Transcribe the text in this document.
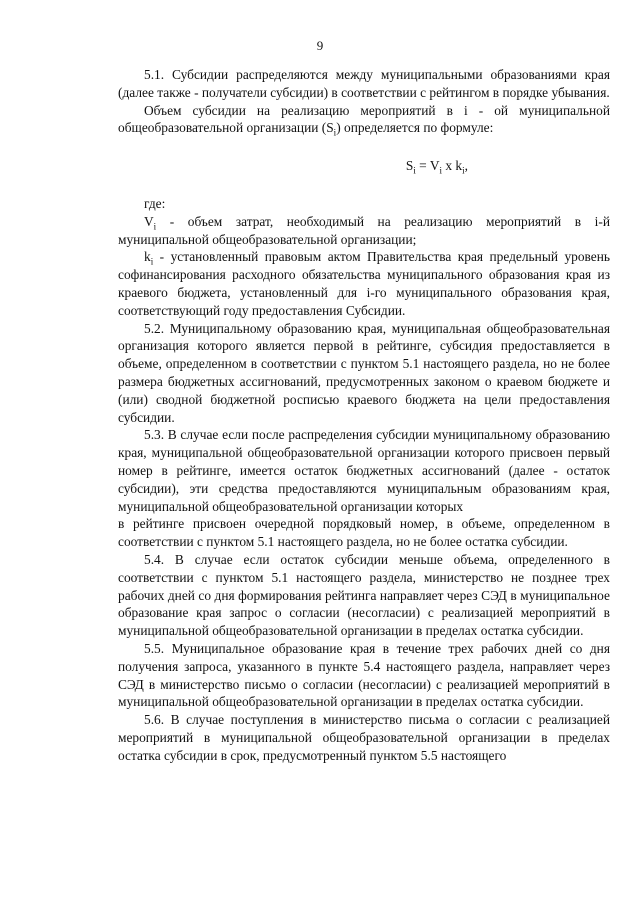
9

5.1. Субсидии распределяются между муниципальными образованиями края (далее также - получатели субсидии) в соответствии с рейтингом в порядке убывания.

Объем субсидии на реализацию мероприятий в i - ой муниципальной общеобразовательной организации $(S_i)$ определяется по формуле:

$S_i = V_i$ x $k_i$,

где:

$V_i$ - объем затрат, необходимый на реализацию мероприятий в i-й муниципальной общеобразовательной организации;

$k_i$ - установленный правовым актом Правительства края предельный уровень софинансирования расходного обязательства муниципального образования края из краевого бюджета, установленный для i-го муниципального образования края, соответствующий году предоставления Субсидии.

5.2. Муниципальному образованию края, муниципальная общеобразовательная организация которого является первой в рейтинге, субсидия предоставляется в объеме, определенном в соответствии с пунктом 5.1 настоящего раздела, но не более размера бюджетных ассигнований, предусмотренных законом о краевом бюджете и (или) сводной бюджетной росписью краевого бюджета на цели предоставления субсидии.

5.3. В случае если после распределения субсидии муниципальному образованию края, муниципальной общеобразовательной организации которого присвоен первый номер в рейтинге, имеется остаток бюджетных ассигнований (далее - остаток субсидии), эти средства предоставляются муниципальным образованиям края, муниципальной общеобразовательной организации которых

в рейтинге присвоен очередной порядковый номер, в объеме, определенном в соответствии с пунктом 5.1 настоящего раздела, но не более остатка субсидии.

5.4. В случае если остаток субсидии меньше объема, определенного в соответствии с пунктом 5.1 настоящего раздела, министерство не позднее трех рабочих дней со дня формирования рейтинга направляет через СЭД в муниципальное образование края запрос о согласии (несогласии) с реализацией мероприятий в муниципальной общеобразовательной организации в пределах остатка субсидии.

5.5. Муниципальное образование края в течение трех рабочих дней со дня получения запроса, указанного в пункте 5.4 настоящего раздела, направляет через СЭД в министерство письмо о согласии (несогласии) с реализацией мероприятий в муниципальной общеобразовательной организации в пределах остатка субсидии.

5.6. В случае поступления в министерство письма о согласии с реализацией мероприятий в муниципальной общеобразовательной организации в пределах остатка субсидии в срок, предусмотренный пунктом 5.5 настоящего
